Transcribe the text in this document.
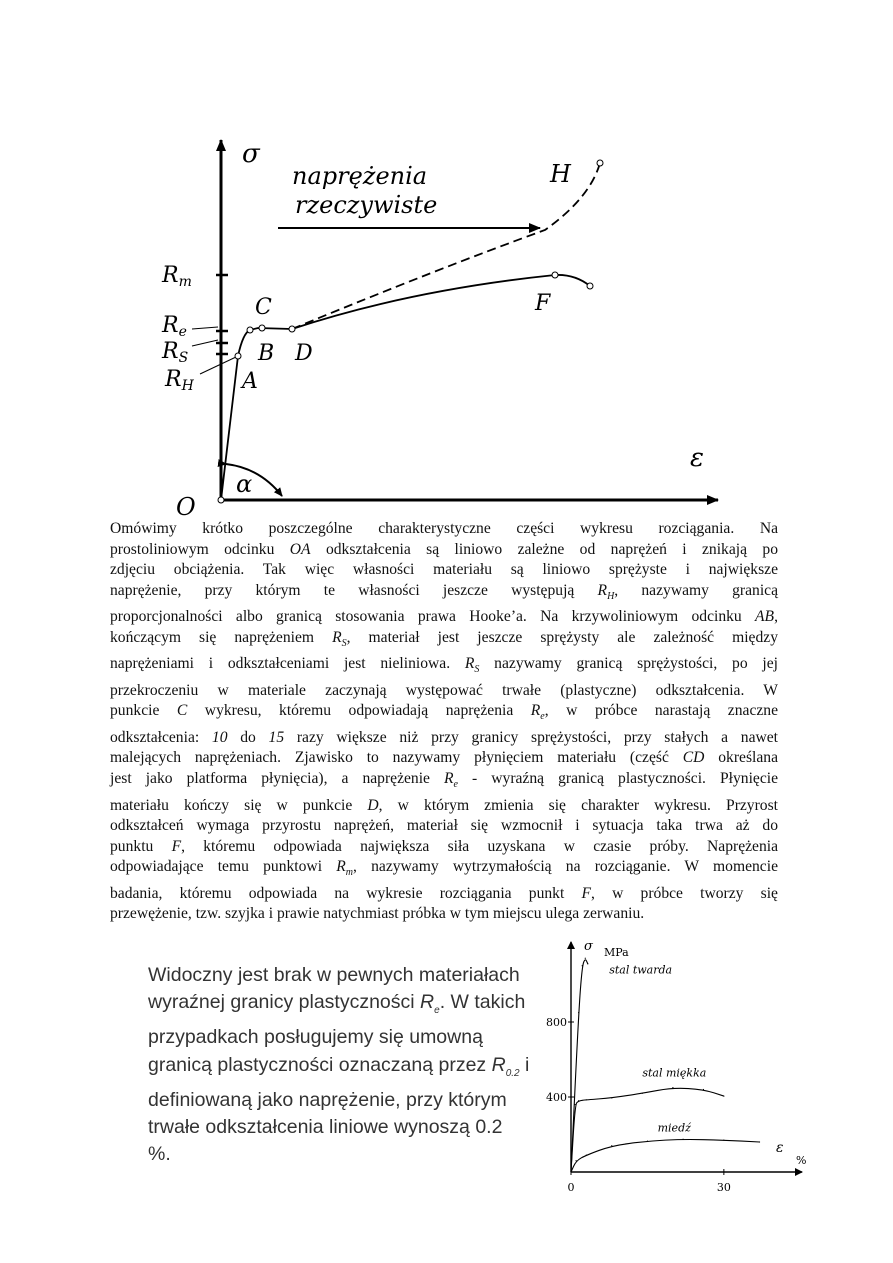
σ
ε
O
Rm
Re
RS
RH A
B
C
D
F
H
naprężenia
rzeczywiste
α
Omówimy krótko poszczególne charakterystyczne części wykresu rozciągania. Na
prostoliniowym odcinku OA odkształcenia są liniowo zależne od naprężeń i znikają po
zdjęciu obciążenia. Tak więc własności materiału są liniowo sprężyste i największe
naprężenie, przy którym te własności jeszcze występują $R_H$, nazywamy granicą
proporcjonalności albo granicą stosowania prawa Hooke’a. Na krzywoliniowym odcinku AB,
kończącym się naprężeniem $R_S$, materiał jest jeszcze sprężysty ale zależność między
naprężeniami i odkształceniami jest nieliniowa. $R_S$ nazywamy granicą sprężystości, po jej
przekroczeniu w materiale zaczynają występować trwałe (plastyczne) odkształcenia. W
punkcie C wykresu, któremu odpowiadają naprężenia $R_e$, w próbce narastają znaczne
odkształcenia: 10 do 15 razy większe niż przy granicy sprężystości, przy stałych a nawet
malejących naprężeniach. Zjawisko to nazywamy płynięciem materiału (część CD określana
jest jako platforma płynięcia), a naprężenie $R_e$ - wyraźną granicą plastyczności. Płynięcie
materiału kończy się w punkcie D, w którym zmienia się charakter wykresu. Przyrost
odkształceń wymaga przyrostu naprężeń, materiał się wzmocnił i sytuacja taka trwa aż do
punktu F, któremu odpowiada największa siła uzyskana w czasie próby. Naprężenia
odpowiadające temu punktowi $R_m$, nazywamy wytrzymałością na rozciąganie. W momencie
badania, któremu odpowiada na wykresie rozciągania punkt F, w próbce tworzy się
przewężenie, tzw. szyjka i prawie natychmiast próbka w tym miejscu ulega zerwaniu.
Widoczny jest brak w pewnych materiałach wyraźnej granicy plastyczności $R_e$. W takich przypadkach posługujemy się umowną granicą plastyczności oznaczaną przez $R_{0.2}$ i definiowaną jako naprężenie, przy którym trwałe odkształcenia liniowe wynoszą 0.2 %.
σ MPa
ε
%
400
800
0	30
stal twarda
stal miękka
miedź
